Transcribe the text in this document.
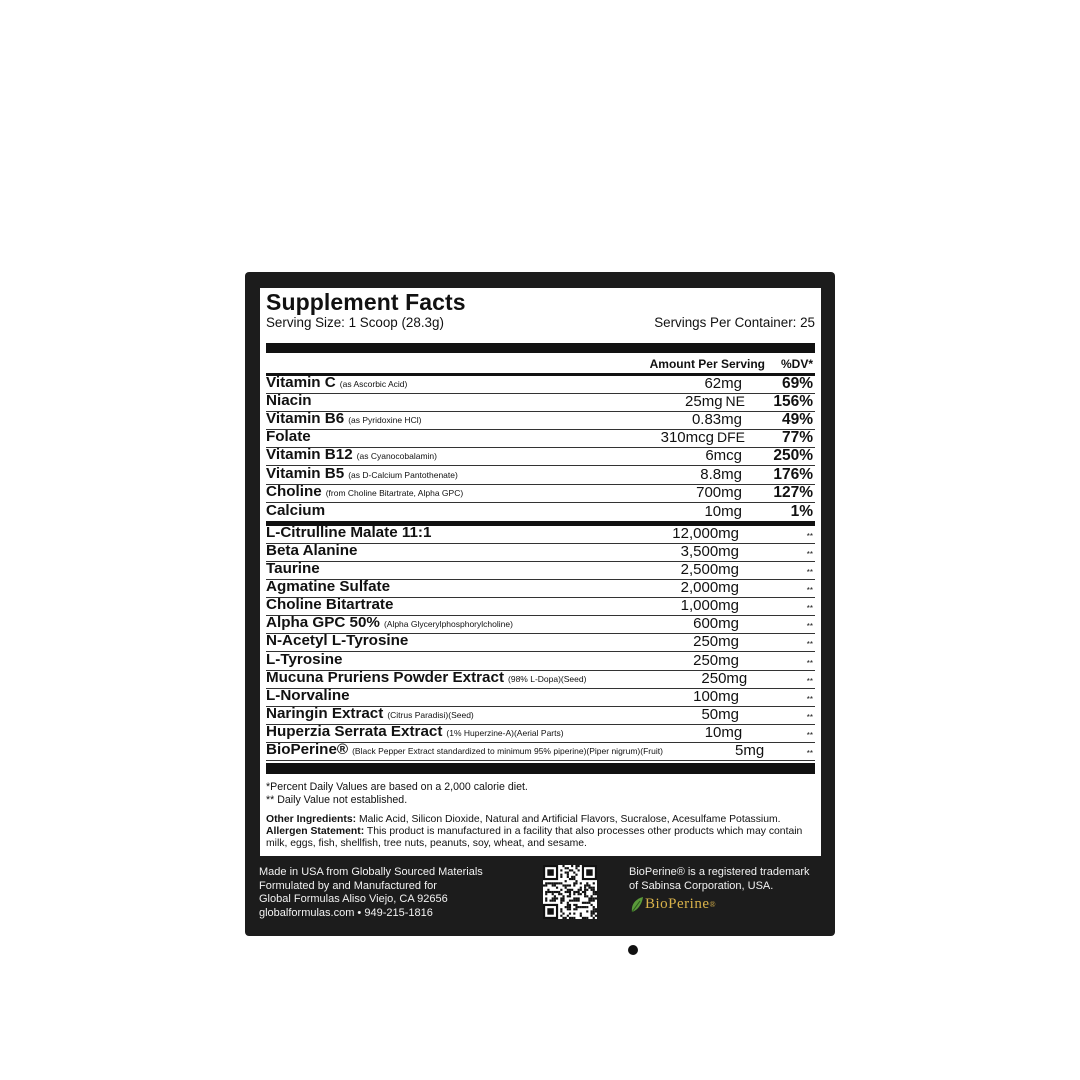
Supplement Facts
Serving Size: 1 Scoop (28.3g)	Servings Per Container: 25
Amount Per Serving	%DV*
Vitamin C (as Ascorbic Acid)	62mg	69%
Niacin	25mg NE	156%
Vitamin B6 (as Pyridoxine HCl)	0.83mg	49%
Folate	310mcg DFE	77%
Vitamin B12 (as Cyanocobalamin)	6mcg	250%
Vitamin B5 (as D-Calcium Pantothenate)	8.8mg	176%
Choline (from Choline Bitartrate, Alpha GPC)	700mg	127%
Calcium	10mg	1%
L-Citrulline Malate 11:1	12,000mg	**
Beta Alanine	3,500mg	**
Taurine	2,500mg	**
Agmatine Sulfate	2,000mg	**
Choline Bitartrate	1,000mg	**
Alpha GPC 50% (Alpha Glycerylphosphorylcholine)	600mg	**
N-Acetyl L-Tyrosine	250mg	**
L-Tyrosine	250mg	**
Mucuna Pruriens Powder Extract (98% L-Dopa)(Seed)	250mg	**
L-Norvaline	100mg	**
Naringin Extract (Citrus Paradisi)(Seed)	50mg	**
Huperzia Serrata Extract (1% Huperzine-A)(Aerial Parts)	10mg	**
BioPerine® (Black Pepper Extract standardized to minimum 95% piperine)(Piper nigrum)(Fruit)	5mg	**

*Percent Daily Values are based on a 2,000 calorie diet.

** Daily Value not established.

Other Ingredients: Malic Acid, Silicon Dioxide, Natural and Artificial Flavors, Sucralose, Acesulfame Potassium.

Allergen Statement: This product is manufactured in a facility that also processes other products which may contain milk, eggs, fish, shellfish, tree nuts, peanuts, soy, wheat, and sesame.

Made in USA from Globally Sourced Materials

Formulated by and Manufactured for

Global Formulas Aliso Viejo, CA 92656

globalformulas.com • 949-215-1816

BioPerine® is a registered trademark

of Sabinsa Corporation, USA.

BioPerine ®
